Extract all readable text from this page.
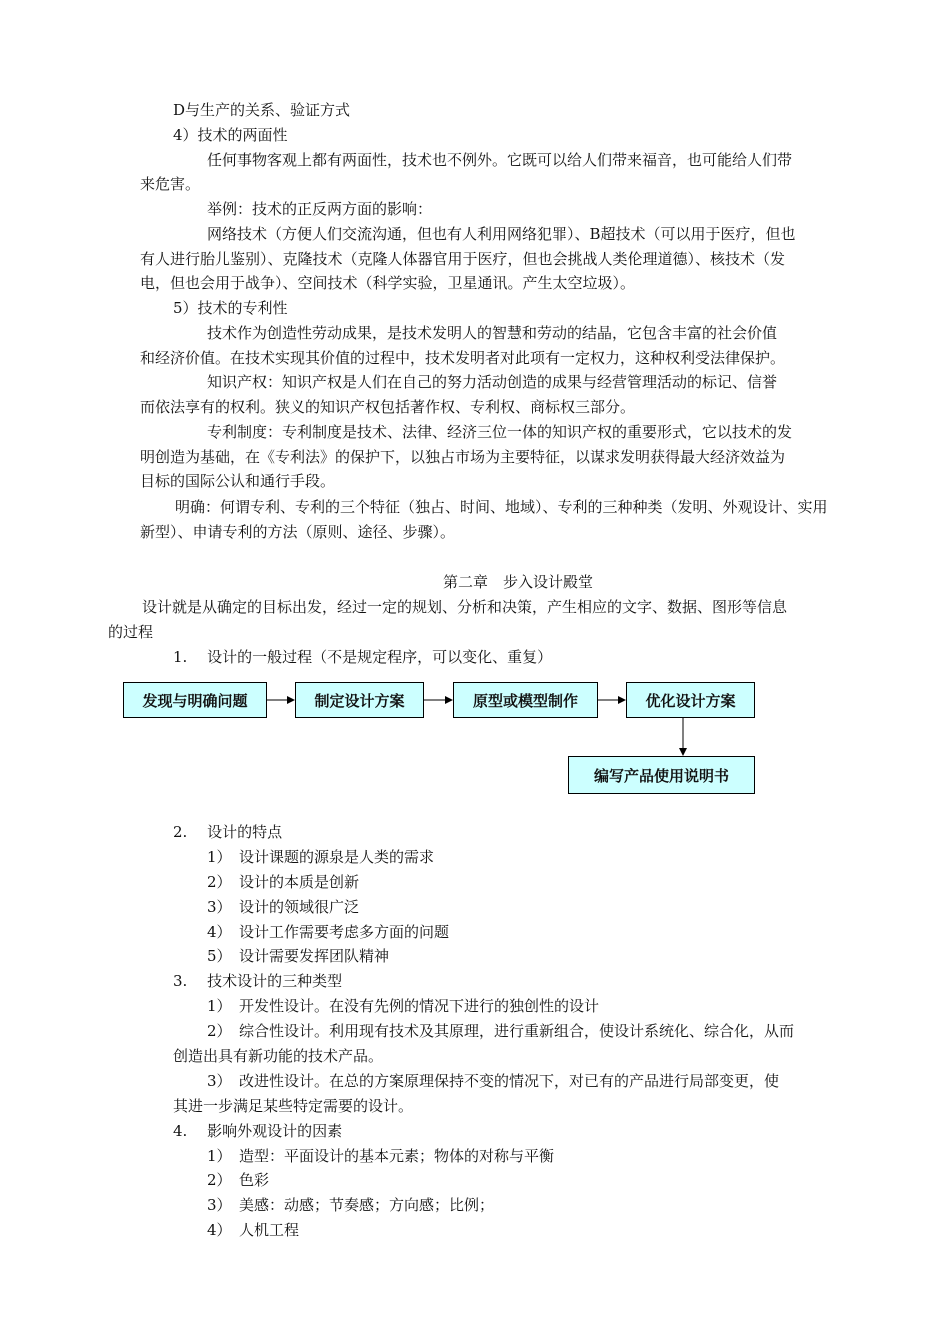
D与生产的关系、验证方式
4）技术的两面性
任何事物客观上都有两面性，技术也不例外。它既可以给人们带来福音，也可能给人们带
来危害。
举例：技术的正反两方面的影响：
网络技术（方便人们交流沟通，但也有人利用网络犯罪）、B超技术（可以用于医疗，但也
有人进行胎儿鉴别）、克隆技术（克隆人体器官用于医疗，但也会挑战人类伦理道德）、核技术（发
电，但也会用于战争）、空间技术（科学实验，卫星通讯。产生太空垃圾）。
5）技术的专利性
技术作为创造性劳动成果，是技术发明人的智慧和劳动的结晶，它包含丰富的社会价值
和经济价值。在技术实现其价值的过程中，技术发明者对此项有一定权力，这种权利受法律保护。
知识产权：知识产权是人们在自己的努力活动创造的成果与经营管理活动的标记、信誉
而依法享有的权利。狭义的知识产权包括著作权、专利权、商标权三部分。
专利制度：专利制度是技术、法律、经济三位一体的知识产权的重要形式，它以技术的发
明创造为基础，在《专利法》的保护下，以独占市场为主要特征，以谋求发明获得最大经济效益为
目标的国际公认和通行手段。
明确：何谓专利、专利的三个特征（独占、时间、地域）、专利的三种种类（发明、外观设计、实用
新型）、申请专利的方法（原则、途径、步骤）。
第二章　步入设计殿堂
设计就是从确定的目标出发，经过一定的规划、分析和决策，产生相应的文字、数据、图形等信息
的过程
1.　 设计的一般过程（不是规定程序，可以变化、重复）
发现与明确问题	制定设计方案	原型或模型制作	优化设计方案
编写产品使用说明书
2.　 设计的特点
1）　设计课题的源泉是人类的需求
2）　设计的本质是创新
3）　设计的领域很广泛
4）　设计工作需要考虑多方面的问题
5）　设计需要发挥团队精神
3.　 技术设计的三种类型
1）　开发性设计。在没有先例的情况下进行的独创性的设计
2）　综合性设计。利用现有技术及其原理，进行重新组合，使设计系统化、综合化，从而
创造出具有新功能的技术产品。
3）　改进性设计。在总的方案原理保持不变的情况下，对已有的产品进行局部变更，使
其进一步满足某些特定需要的设计。
4.　 影响外观设计的因素
1）　造型：平面设计的基本元素；物体的对称与平衡
2）　色彩
3）　美感：动感；节奏感；方向感；比例；
4）　人机工程
